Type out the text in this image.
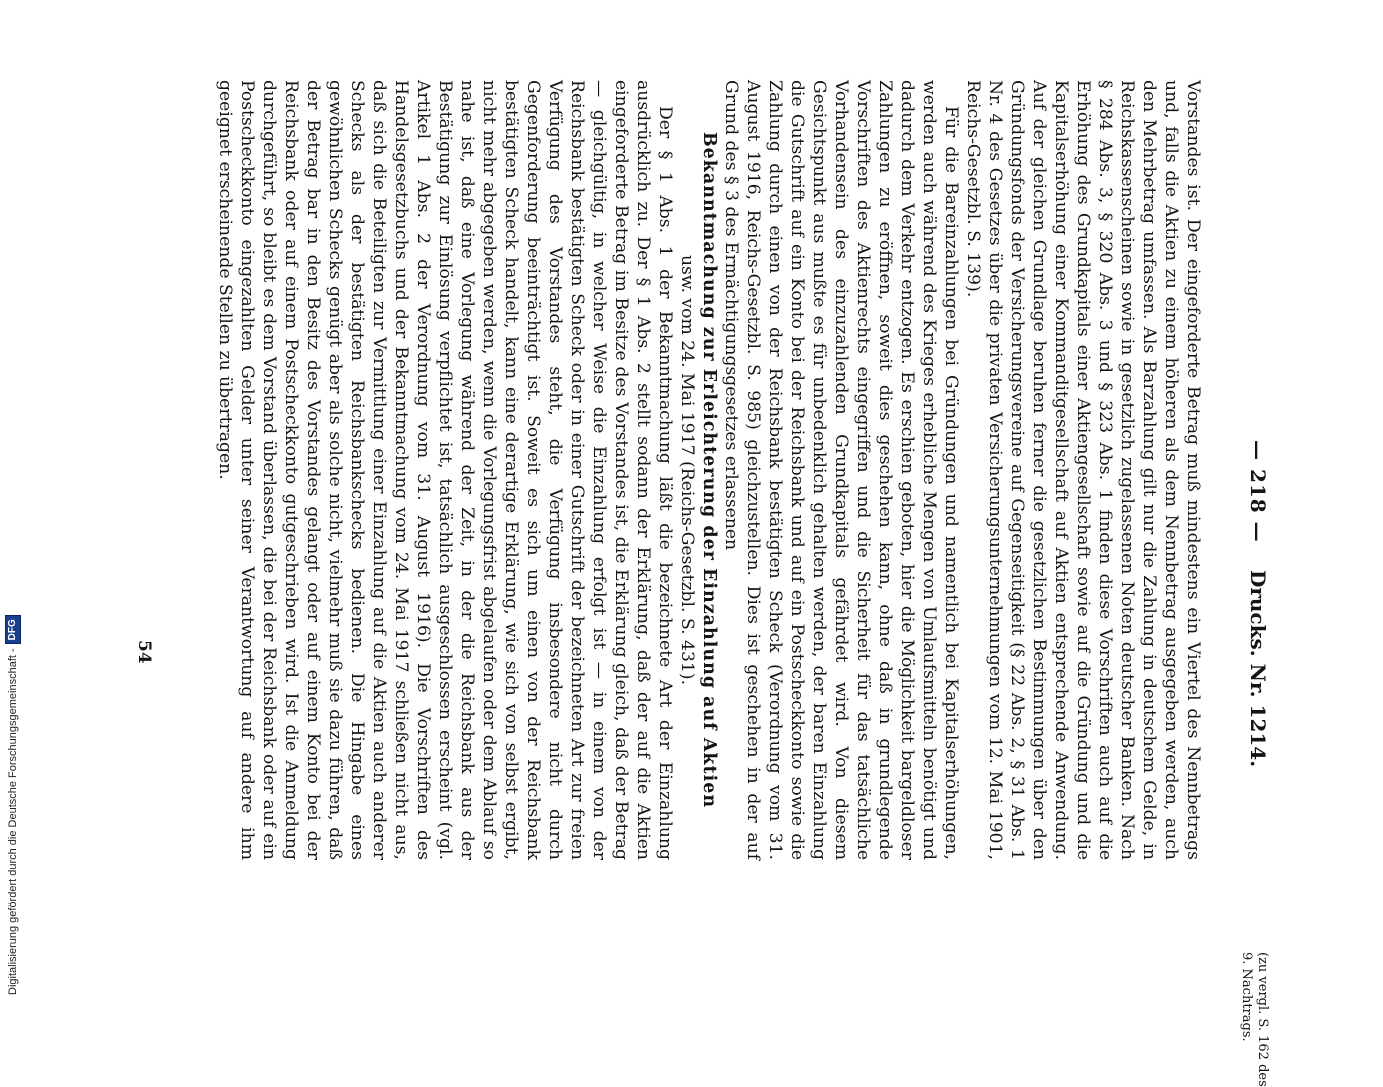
— 218 —
Drucks. Nr. 1214.
(zu vergl. S. 162 des
9. Nachtrags.

Vorstandes ist. Der eingeforderte Betrag muß mindestens ein Viertel des Nennbetrags und, falls die Aktien zu einem höheren als dem Nennbetrag ausgegeben werden, auch den Mehrbetrag umfassen. Als Barzahlung gilt nur die Zahlung in deutschem Gelde, in Reichskassenscheinen sowie in gesetzlich zugelassenen Noten deutscher Banken. Nach § 284 Abs. 3, § 320 Abs. 3 und § 323 Abs. 1 finden diese Vorschriften auch auf die Erhöhung des Grundkapitals einer Aktiengesellschaft sowie auf die Gründung und die Kapitalserhöhung einer Kommanditgesellschaft auf Aktien entsprechende Anwendung. Auf der gleichen Grundlage beruhen ferner die gesetzlichen Bestimmungen über den Gründungsfonds der Versicherungsvereine auf Gegenseitigkeit (§ 22 Abs. 2, § 31 Abs. 1 Nr. 4 des Gesetzes über die privaten Versicherungsunternehmungen vom 12. Mai 1901, Reichs-Gesetzbl. S. 139).

Für die Bareinzahlungen bei Gründungen und namentlich bei Kapitalserhöhungen, werden auch während des Krieges erhebliche Mengen von Umlaufsmitteln benötigt und dadurch dem Verkehr entzogen. Es erschien geboten, hier die Möglichkeit bargeldloser Zahlungen zu eröffnen, soweit dies geschehen kann, ohne daß in grundlegende Vorschriften des Aktienrechts eingegriffen und die Sicherheit für das tatsächliche Vorhandensein des einzuzahlenden Grundkapitals gefährdet wird. Von diesem Gesichtspunkt aus mußte es für unbedenklich gehalten werden, der baren Einzahlung die Gutschrift auf ein Konto bei der Reichsbank und auf ein Postscheckkonto sowie die Zahlung durch einen von der Reichsbank bestätigten Scheck (Verordnung vom 31. August 1916, Reichs-Gesetzbl. S. 985) gleichzustellen. Dies ist geschehen in der auf Grund des § 3 des Ermächtigungsgesetzes erlassenen

Bekanntmachung zur Erleichterung der Einzahlung auf Aktien

usw. vom 24. Mai 1917 (Reichs-Gesetzbl. S. 431).

Der § 1 Abs. 1 der Bekanntmachung läßt die bezeichnete Art der Einzahlung ausdrücklich zu. Der § 1 Abs. 2 stellt sodann der Erklärung, daß der auf die Aktien eingeforderte Betrag im Besitze des Vorstandes ist, die Erklärung gleich, daß der Betrag — gleichgültig, in welcher Weise die Einzahlung erfolgt ist — in einem von der Reichsbank bestätigten Scheck oder in einer Gutschrift der bezeichneten Art zur freien Verfügung des Vorstandes steht, die Verfügung insbesondere nicht durch Gegenforderung beeinträchtigt ist. Soweit es sich um einen von der Reichsbank bestätigten Scheck handelt, kann eine derartige Erklärung, wie sich von selbst ergibt, nicht mehr abgegeben werden, wenn die Vorlegungsfrist abgelaufen oder dem Ablauf so nahe ist, daß eine Vorlegung während der Zeit, in der die Reichsbank aus der Bestätigung zur Einlösung verpflichtet ist, tatsächlich ausgeschlossen erscheint (vgl. Artikel 1 Abs. 2 der Verordnung vom 31. August 1916). Die Vorschriften des Handelsgesetzbuchs und der Bekanntmachung vom 24. Mai 1917 schließen nicht aus, daß sich die Beteiligten zur Vermittlung einer Einzahlung auf die Aktien auch anderer Schecks als der bestätigten Reichsbankschecks bedienen. Die Hingabe eines gewöhnlichen Schecks genügt aber als solche nicht, vielmehr muß sie dazu führen, daß der Betrag bar in den Besitz des Vorstandes gelangt oder auf einem Konto bei der Reichsbank oder auf einem Postscheckkonto gutgeschrieben wird. Ist die Anmeldung durchgeführt, so bleibt es dem Vorstand überlassen, die bei der Reichsbank oder auf ein Postscheckkonto eingezahlten Gelder unter seiner Verantwortung auf andere ihm geeignet erscheinende Stellen zu übertragen.

54
Digitalisierung gefördert durch die Deutsche Forschungsgemeinschaft -
DFG
